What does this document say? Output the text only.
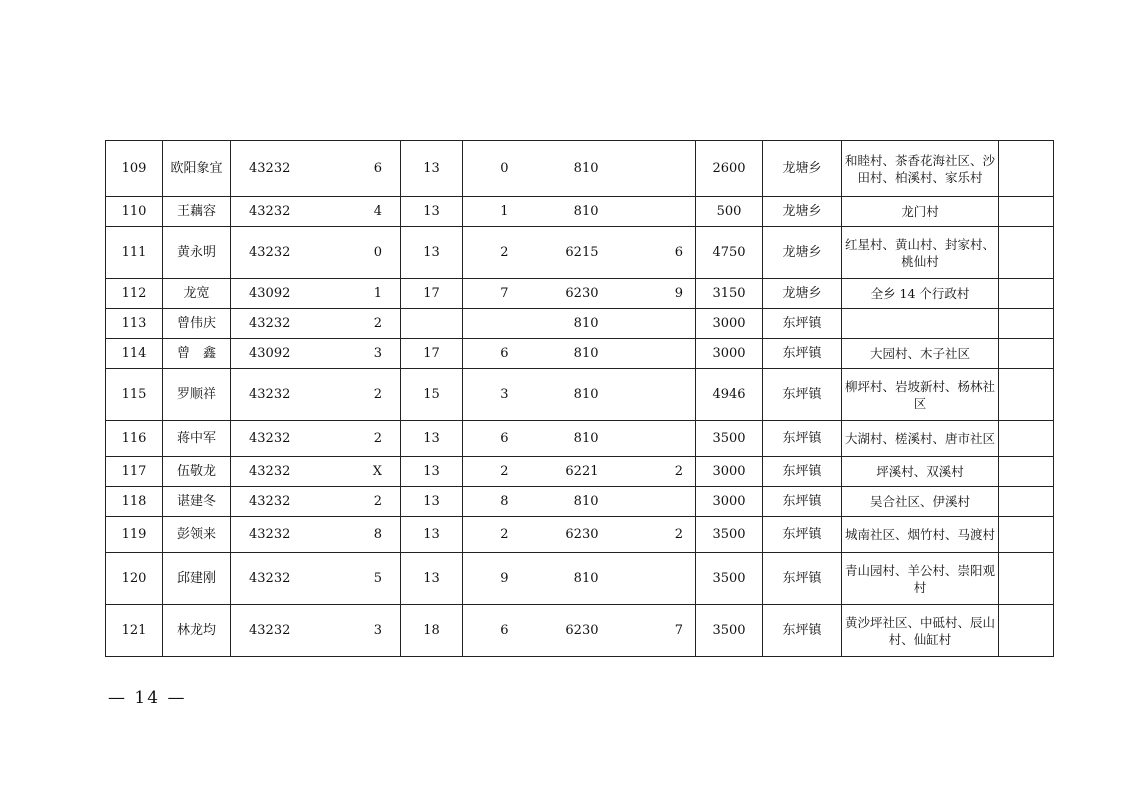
109	欧阳象宜	43232	6	13	0	810		2600	龙塘乡	和睦村、茶香花海社区、沙田村、柏溪村、家乐村	
110	王藕容	43232	4	13	1	810		500	龙塘乡	龙门村	
111	黄永明	43232	0	13	2	6215	6	4750	龙塘乡	红星村、黄山村、封家村、桃仙村	
112	龙宽	43092	1	17	7	6230	9	3150	龙塘乡	全乡 14 个行政村	
113	曾伟庆	43232	2			810		3000	东坪镇		
114	曾　鑫	43092	3	17	6	810		3000	东坪镇	大园村、木子社区	
115	罗顺祥	43232	2	15	3	810		4946	东坪镇	柳坪村、岩坡新村、杨林社区	
116	蒋中军	43232	2	13	6	810		3500	东坪镇	大湖村、槎溪村、唐市社区	
117	伍敬龙	43232	X	13	2	6221	2	3000	东坪镇	坪溪村、双溪村	
118	谌建冬	43232	2	13	8	810		3000	东坪镇	吴合社区、伊溪村	
119	彭领来	43232	8	13	2	6230	2	3500	东坪镇	城南社区、烟竹村、马渡村	
120	邱建刚	43232	5	13	9	810		3500	东坪镇	青山园村、羊公村、崇阳观村	
121	林龙均	43232	3	18	6	6230	7	3500	东坪镇	黄沙坪社区、中砥村、辰山村、仙缸村	
— 14 —
